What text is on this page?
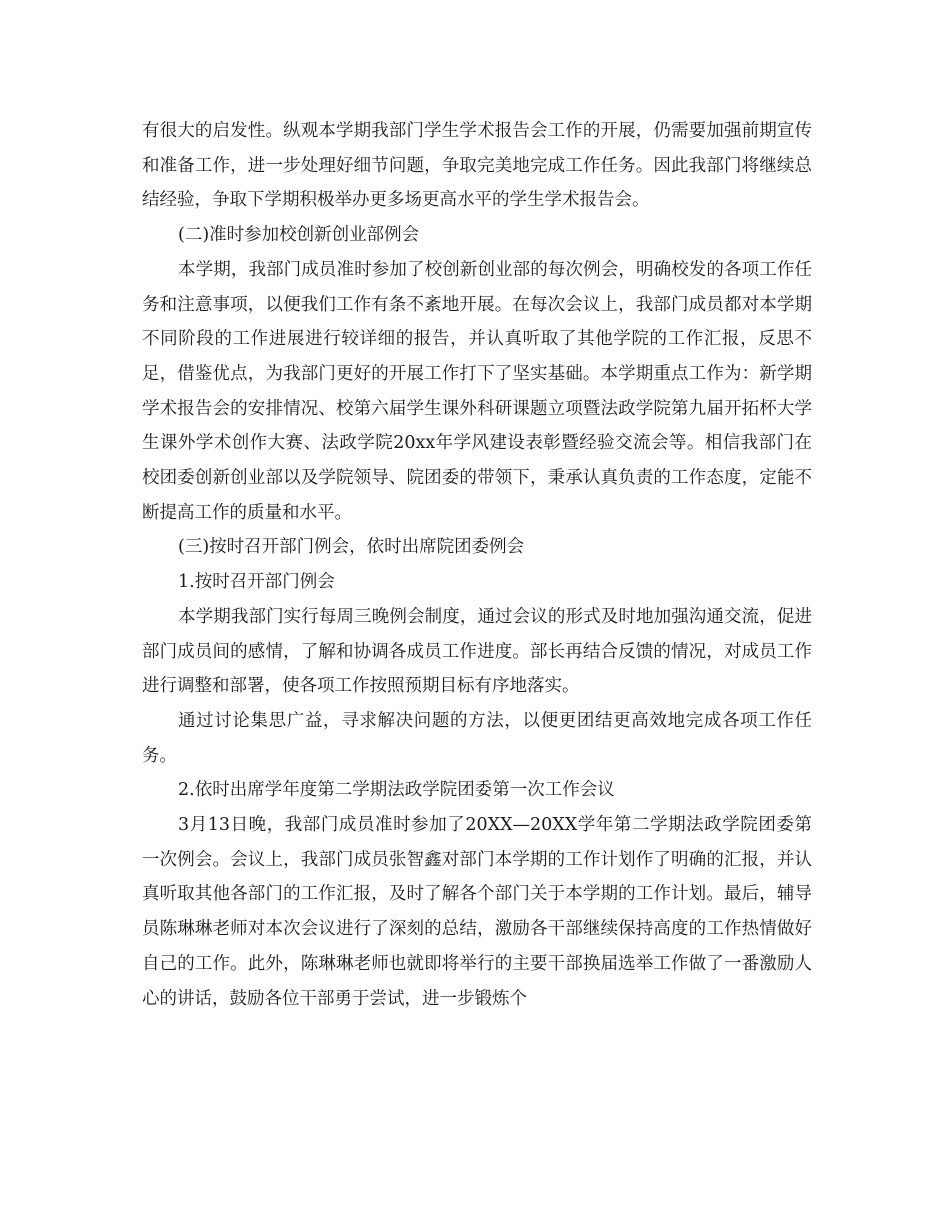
有很大的启发性。纵观本学期我部门学生学术报告会工作的开展，仍需要加强前期宣传和准备工作，进一步处理好细节问题，争取完美地完成工作任务。因此我部门将继续总结经验，争取下学期积极举办更多场更高水平的学生学术报告会。

(二)准时参加校创新创业部例会

本学期，我部门成员准时参加了校创新创业部的每次例会，明确校发的各项工作任务和注意事项，以便我们工作有条不紊地开展。在每次会议上，我部门成员都对本学期不同阶段的工作进展进行较详细的报告，并认真听取了其他学院的工作汇报，反思不足，借鉴优点，为我部门更好的开展工作打下了坚实基础。本学期重点工作为：新学期学术报告会的安排情况、校第六届学生课外科研课题立项暨法政学院第九届开拓杯大学生课外学术创作大赛、法政学院20xx年学风建设表彰暨经验交流会等。相信我部门在校团委创新创业部以及学院领导、院团委的带领下，秉承认真负责的工作态度，定能不断提高工作的质量和水平。

(三)按时召开部门例会，依时出席院团委例会

1.按时召开部门例会

本学期我部门实行每周三晚例会制度，通过会议的形式及时地加强沟通交流，促进部门成员间的感情，了解和协调各成员工作进度。部长再结合反馈的情况，对成员工作进行调整和部署，使各项工作按照预期目标有序地落实。

通过讨论集思广益，寻求解决问题的方法，以便更团结更高效地完成各项工作任务。

2.依时出席学年度第二学期法政学院团委第一次工作会议

3月13日晚，我部门成员准时参加了20XX—20XX学年第二学期法政学院团委第一次例会。会议上，我部门成员张智鑫对部门本学期的工作计划作了明确的汇报，并认真听取其他各部门的工作汇报，及时了解各个部门关于本学期的工作计划。最后，辅导员陈琳琳老师对本次会议进行了深刻的总结，激励各干部继续保持高度的工作热情做好自己的工作。此外，陈琳琳老师也就即将举行的主要干部换届选举工作做了一番激励人心的讲话，鼓励各位干部勇于尝试，进一步锻炼个
